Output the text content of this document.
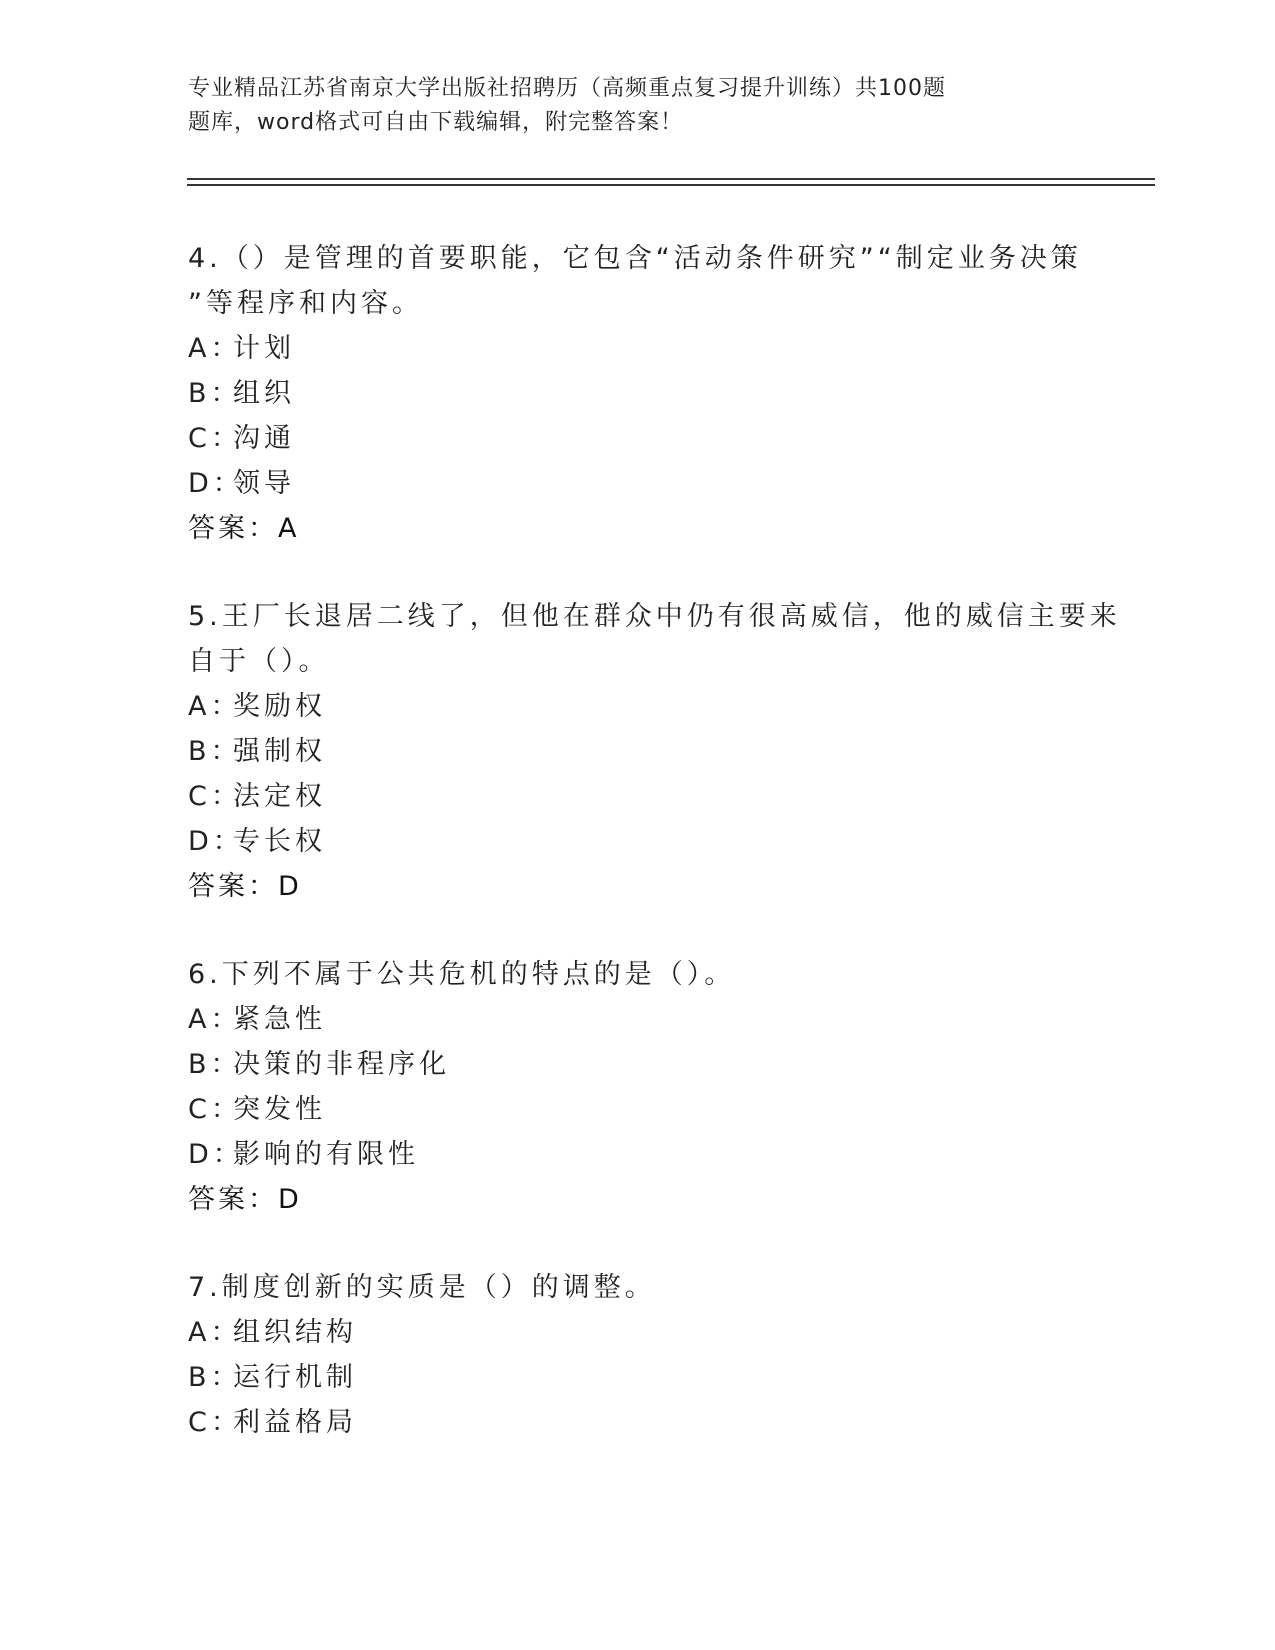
专业精品江苏省南京大学出版社招聘历（高频重点复习提升训练）共100题
题库，word格式可自由下载编辑，附完整答案！

4.（）是管理的首要职能，它包含“活动条件研究”“制定业务决策

”等程序和内容。

A：计划

B：组织

C：沟通

D：领导

答案：A

5.王厂长退居二线了，但他在群众中仍有很高威信，他的威信主要来

自于（）。

A：奖励权

B：强制权

C：法定权

D：专长权

答案：D

6.下列不属于公共危机的特点的是（）。

A：紧急性

B：决策的非程序化

C：突发性

D：影响的有限性

答案：D

7.制度创新的实质是（）的调整。

A：组织结构

B：运行机制

C：利益格局
